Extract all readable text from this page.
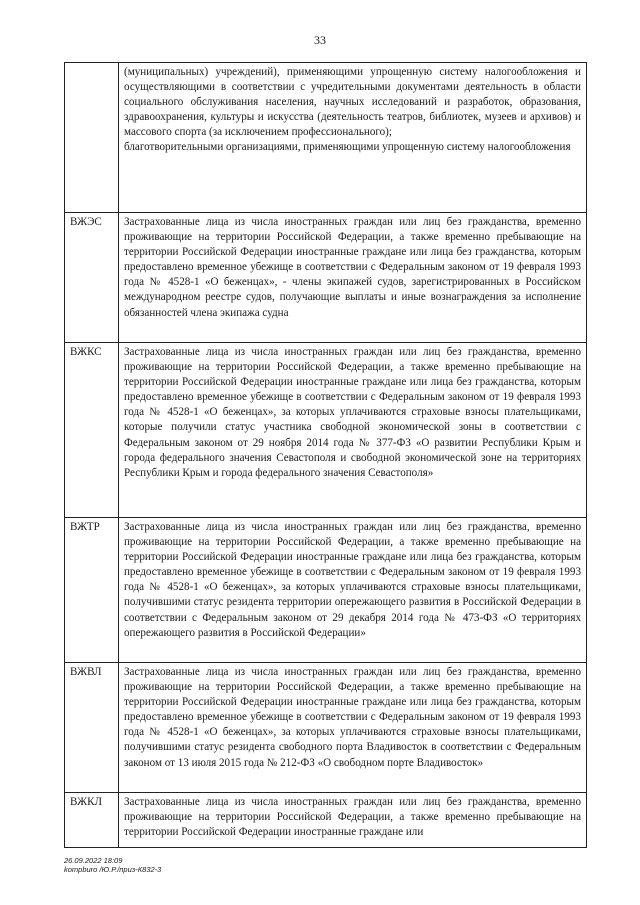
33

	(муниципальных) учреждений), применяющими упрощенную систему налогообложения и осуществляющими в соответствии с учредительными документами деятельность в области социального обслуживания населения, научных исследований и разработок, образования, здравоохранения, культуры и искусства (деятельность театров, библиотек, музеев и архивов) и массового спорта (за исключением профессионального);
благотворительными организациями, применяющими упрощенную систему налогообложения

ВЖЭС	Застрахованные лица из числа иностранных граждан или лиц без гражданства, временно проживающие на территории Российской Федерации, а также временно пребывающие на территории Российской Федерации иностранные граждане или лица без гражданства, которым предоставлено временное убежище в соответствии с Федеральным законом от 19 февраля 1993 года № 4528-1 «О беженцах», - члены экипажей судов, зарегистрированных в Российском международном реестре судов, получающие выплаты и иные вознаграждения за исполнение обязанностей члена экипажа судна

ВЖКС	Застрахованные лица из числа иностранных граждан или лиц без гражданства, временно проживающие на территории Российской Федерации, а также временно пребывающие на территории Российской Федерации иностранные граждане или лица без гражданства, которым предоставлено временное убежище в соответствии с Федеральным законом от 19 февраля 1993 года № 4528-1 «О беженцах», за которых уплачиваются страховые взносы плательщиками, которые получили статус участника свободной экономической зоны в соответствии с Федеральным законом от 29 ноября 2014 года № 377-ФЗ «О развитии Республики Крым и города федерального значения Севастополя и свободной экономической зоне на территориях Республики Крым и города федерального значения Севастополя»

ВЖТР	Застрахованные лица из числа иностранных граждан или лиц без гражданства, временно проживающие на территории Российской Федерации, а также временно пребывающие на территории Российской Федерации иностранные граждане или лица без гражданства, которым предоставлено временное убежище в соответствии с Федеральным законом от 19 февраля 1993 года № 4528-1 «О беженцах», за которых уплачиваются страховые взносы плательщиками, получившими статус резидента территории опережающего развития в Российской Федерации в соответствии с Федеральным законом от 29 декабря 2014 года № 473-ФЗ «О территориях опережающего развития в Российской Федерации»

ВЖВЛ	Застрахованные лица из числа иностранных граждан или лиц без гражданства, временно проживающие на территории Российской Федерации, а также временно пребывающие на территории Российской Федерации иностранные граждане или лица без гражданства, которым предоставлено временное убежище в соответствии с Федеральным законом от 19 февраля 1993 года № 4528-1 «О беженцах», за которых уплачиваются страховые взносы плательщиками, получившими статус резидента свободного порта Владивосток в соответствии с Федеральным законом от 13 июля 2015 года № 212-ФЗ «О свободном порте Владивосток»

ВЖКЛ	Застрахованные лица из числа иностранных граждан или лиц без гражданства, временно проживающие на территории Российской Федерации, а также временно пребывающие на территории Российской Федерации иностранные граждане или
26.09.2022 18:09
kompburo /Ю.Р./приз-К832-3
